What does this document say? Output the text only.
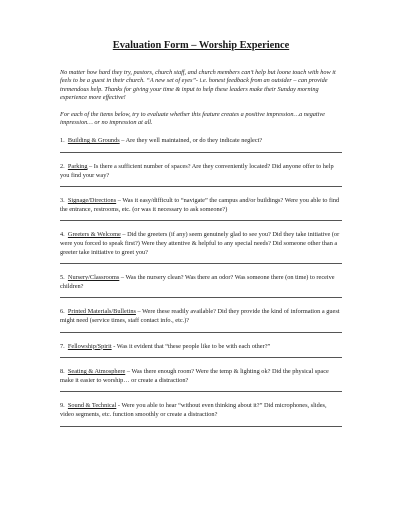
Evaluation Form – Worship Experience

No matter how hard they try, pastors, church staff, and church members can’t help but loone touch with how it feels to be a guest in their church. “A new set of eyes”- i.e. honest feedback from an outsider – can provide tremendous help. Thanks for giving your time & input to help these leaders make their Sunday morning experience more effective!

For each of the items below, try to evaluate whether this feature creates a positive impression…a negative impression… or no impression at all.

1. Building & Grounds – Are they well maintained, or do they indicate neglect?

2. Parking – Is there a sufficient number of spaces? Are they conveniently located? Did anyone offer to help you find your way?

3. Signage/Directions – Was it easy/difficult to “navigate” the campus and/or buildings? Were you able to find the entrance, restrooms, etc. (or was it necessary to ask someone?)

4. Greeters & Welcome – Did the greeters (if any) seem genuinely glad to see you? Did they take initiative (or were you forced to speak first?) Were they attentive & helpful to any special needs? Did someone other than a greeter take initiative to greet you?

5. Nursery/Classrooms – Was the nursery clean? Was there an odor? Was someone there (on time) to receive children?

6. Printed Materials/Bulletins – Were these readily available? Did they provide the kind of information a guest might need (service times, staff contact info., etc.)?

7. Fellowship/Spirit - Was it evident that “these people like to be with each other?”

8. Seating & Atmosphere – Was there enough room? Were the temp & lighting ok? Did the physical space make it easier to worship… or create a distraction?

9. Sound & Technical - Were you able to hear “without even thinking about it?” Did microphones, slides, video segments, etc. function smoothly or create a distraction?
